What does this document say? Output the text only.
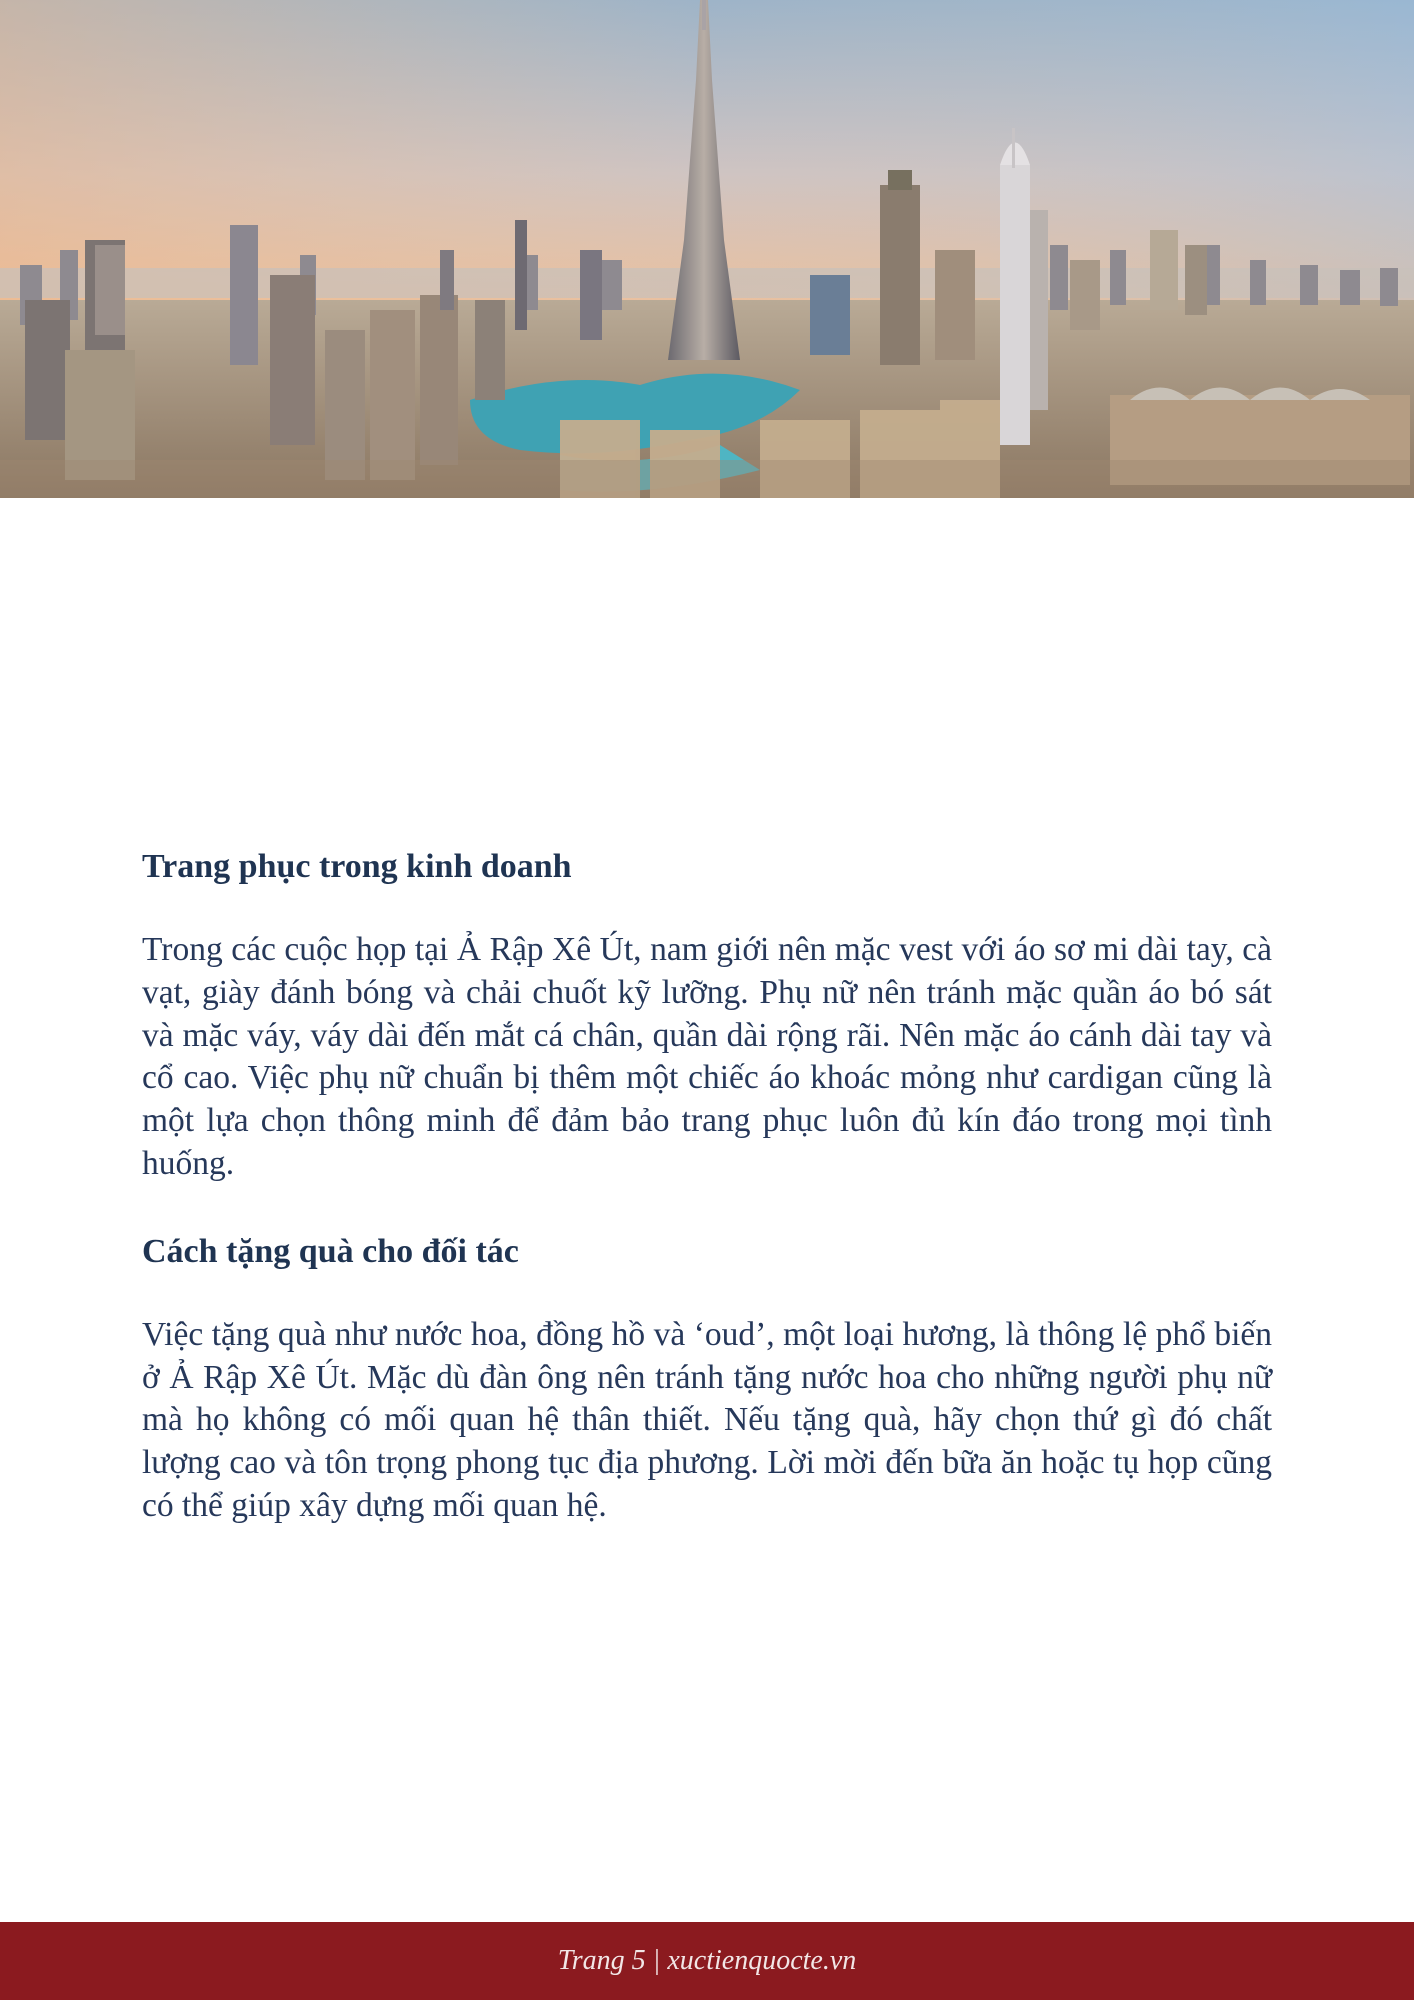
Trang phục trong kinh doanh

Trong các cuộc họp tại Ả Rập Xê Út, nam giới nên mặc vest với áo sơ mi dài tay, cà vạt, giày đánh bóng và chải chuốt kỹ lưỡng. Phụ nữ nên tránh mặc quần áo bó sát và mặc váy, váy dài đến mắt cá chân, quần dài rộng rãi. Nên mặc áo cánh dài tay và cổ cao. Việc phụ nữ chuẩn bị thêm một chiếc áo khoác mỏng như cardigan cũng là một lựa chọn thông minh để đảm bảo trang phục luôn đủ kín đáo trong mọi tình huống.

Cách tặng quà cho đối tác

Việc tặng quà như nước hoa, đồng hồ và ‘oud’, một loại hương, là thông lệ phổ biến ở Ả Rập Xê Út. Mặc dù đàn ông nên tránh tặng nước hoa cho những người phụ nữ mà họ không có mối quan hệ thân thiết. Nếu tặng quà, hãy chọn thứ gì đó chất lượng cao và tôn trọng phong tục địa phương. Lời mời đến bữa ăn hoặc tụ họp cũng có thể giúp xây dựng mối quan hệ.

Trang 5 | xuctienquocte.vn
